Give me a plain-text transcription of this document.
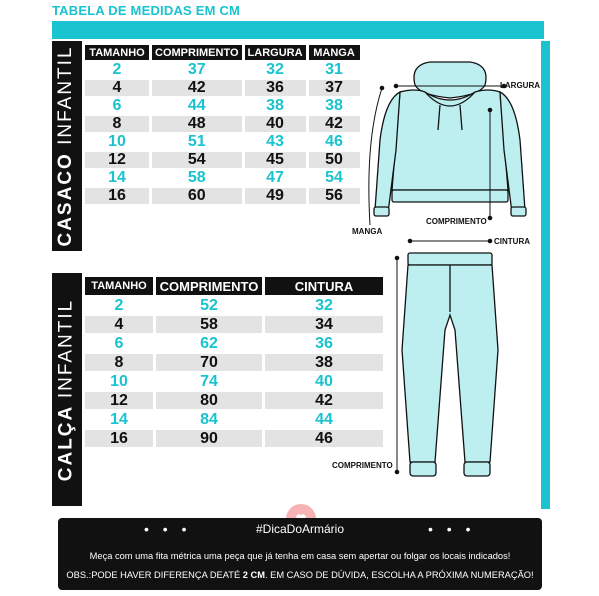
TABELA DE MEDIDAS EM CM
CASACO INFANTIL
CALÇA INFANTIL
TAMANHO	COMPRIMENTO	LARGURA	MANGA
2	37	32	31
4	42	36	37
6	44	38	38
8	48	40	42
10	51	43	46
12	54	45	50
14	58	47	54
16	60	49	56
TAMANHO	COMPRIMENTO	CINTURA
2	52	32
4	58	34
6	62	36
8	70	38
10	74	40
12	80	42
14	84	44
16	90	46
LARGURA
COMPRIMENTO
MANGA
CINTURA
COMPRIMENTO
• • •	• • •
#DicaDoArmário
Meça com uma fita métrica uma peça que já tenha em casa sem apertar ou folgar os locais indicados!
OBS.:PODE HAVER DIFERENÇA DEATÉ 2 CM. EM CASO DE DÚVIDA, ESCOLHA A PRÓXIMA NUMERAÇÃO!
